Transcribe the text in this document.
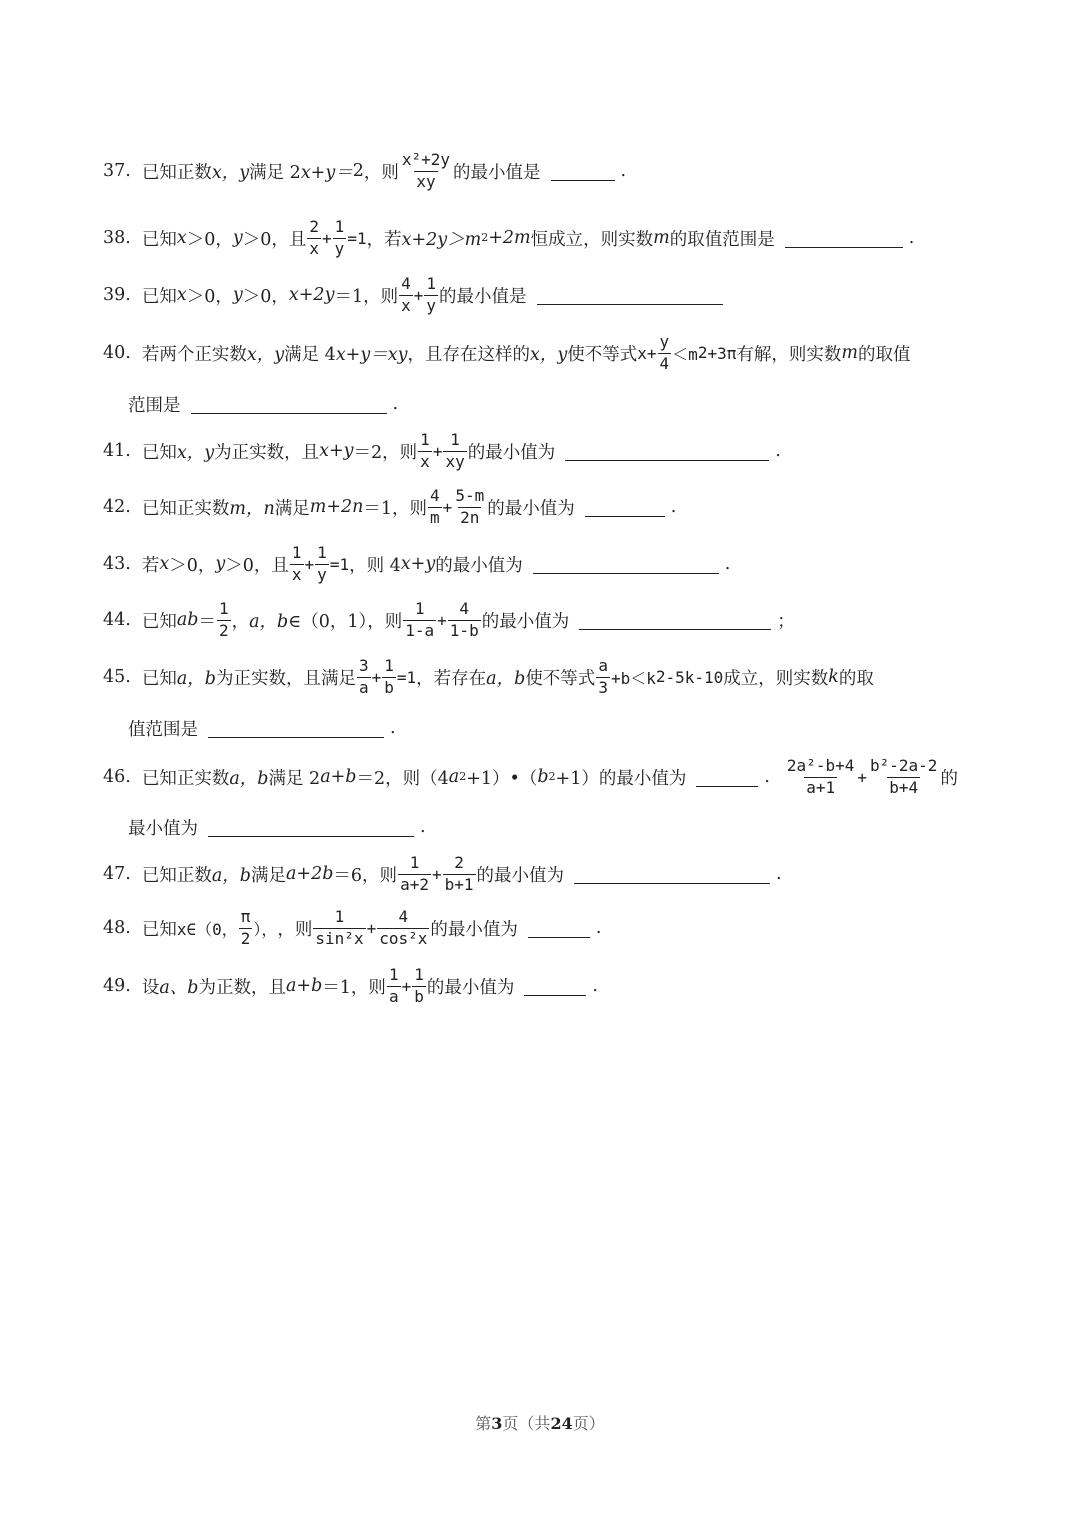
37. 已知正数 x，y 满足 2 x+y＝ 2 ，则 $\frac{\text{x²+2y}}{xy}$ 的最小值是	.
38. 已知 x ＞0， y ＞0，且 $\frac{2}{x} + \frac{1}{y} =1$ ，若 x+2y＞m 2 +2m 恒成立，则实数 m 的取值范围是	.
39. 已知 x ＞0， y ＞0， x+2 y ＝1，则 $\frac{4}{x} + \frac{1}{y}$ 的最小值是
40. 若两个正实数 x，y 满足 4 x+y＝xy ，且存在这样的 x，y 使不等式 $x+ \frac{y}{4} <m$ 2 +3π 有解，则实数 m 的取值
范围是	.
41. 已知 x，y 为正实数，且 x+y ＝2，则 $\frac{1}{x} + \frac{1}{xy}$ 的最小值为	.
42. 已知正实数 m，n 满足 m+2n ＝1，则 $\frac{4}{m} + \frac{5-m}{2n}$ 的最小值为	.
43. 若 x ＞0， y ＞0，且 $\frac{1}{x} + \frac{1}{y} =1$ ，则 4 x+y 的最小值为	.
44. 已知 ab ＝ $\frac{1}{2}$ ， a，b ∈（0，1），则 $\frac{1}{1-a} + \frac{4}{1-b}$ 的最小值为	；
45. 已知 a，b 为正实数，且满足 $\frac{3}{a} + \frac{1}{b} =1$ ，若存在 a，b 使不等式 $\frac{a}{3} +b<k$ 2 -5k-10 成立，则实数 k 的取
值范围是	.
46. 已知正实数 a，b 满足 2 a+b ＝2，则（4 a 2 +1）•（ b 2 +1）的最小值为	. $\frac{\text{2a²-b+4}}{a+1} + \frac{\text{b²-2a-2}}{b+4}$ 的
最小值为	.
47. 已知正数 a，b 满足 a+2b ＝6，则 $\frac{1}{a+2} + \frac{2}{b+1}$ 的最小值为	.
48. 已知 x∈（0， $\frac{\pi}{2}$ ）， ，则 $\frac{1}{\text{sin²x}} + \frac{4}{\text{cos²x}}$ 的最小值为	.
49. 设 a、b 为正数，且 a+b ＝1，则 $\frac{1}{a} + \frac{1}{b}$ 的最小值为	.
第3页（共24页）
